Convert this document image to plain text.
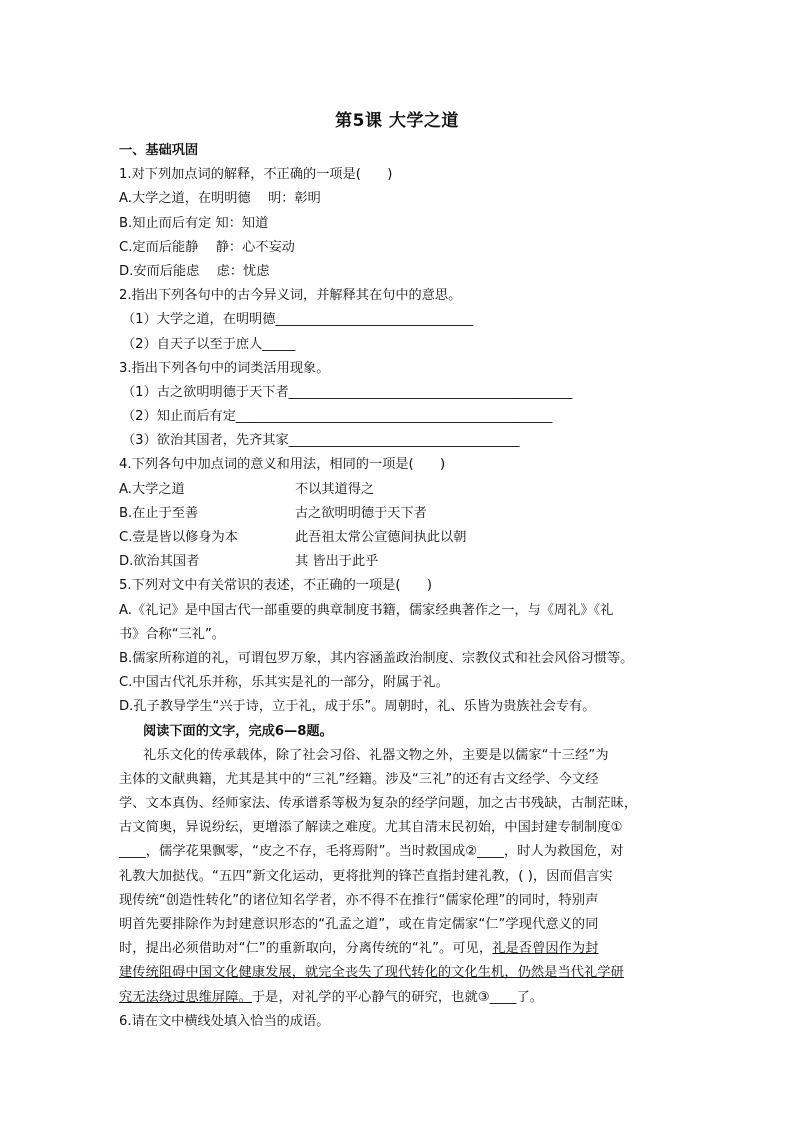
第5课 大学之道
一、基础巩固
1.对下列加点词的解释，不正确的一项是(　　)
A.大学之道，在明明德　 明：彰明
B.知止而后有定 知：知道
C.定而后能静　 静：心不妄动
D.安而后能虑　 虑：忧虑
2.指出下列各句中的古今异义词，并解释其在句中的意思。
（1）大学之道，在明明德______________________________
（2）自天子以至于庶人_____
3.指出下列各句中的词类活用现象。
（1）古之欲明明德于天下者___________________________________________
（2）知止而后有定________________________________________________
（3）欲治其国者，先齐其家___________________________________
4.下列各句中加点词的意义和用法，相同的一项是(　　)
A.大学之道	不以其道得之
B.在止于至善	古之欲明明德于天下者
C.壹是皆以修身为本	此吾祖太常公宣德间执此以朝
D.欲治其国者	其 皆出于此乎
5.下列对文中有关常识的表述，不正确的一项是(　　)
A.《礼记》是中国古代一部重要的典章制度书籍，儒家经典著作之一，与《周礼》《礼
书》合称“三礼”。
B.儒家所称道的礼，可谓包罗万象，其内容涵盖政治制度、宗教仪式和社会风俗习惯等。
C.中国古代礼乐并称，乐其实是礼的一部分，附属于礼。
D.孔子教导学生“兴于诗，立于礼，成于乐”。周朝时，礼、乐皆为贵族社会专有。
阅读下面的文字，完成6—8题。
礼乐文化的传承载体，除了社会习俗、礼器文物之外，主要是以儒家“十三经”为
主体的文献典籍，尤其是其中的“三礼”经籍。涉及“三礼”的还有古文经学、今文经
学、文本真伪、经师家法、传承谱系等极为复杂的经学问题，加之古书残缺，古制茫昧，
古文简奥，异说纷纭，更增添了解读之难度。尤其自清末民初始，中国封建专制制度①
____，儒学花果飘零，“皮之不存，毛将焉附”。当时救国成②____，时人为救国危，对
礼教大加挞伐。“五四”新文化运动，更将批判的锋芒直指封建礼教，( )，因而倡言实
现传统“创造性转化”的诸位知名学者，亦不得不在推行“儒家伦理”的同时，特别声
明首先要排除作为封建意识形态的“孔孟之道”，或在肯定儒家“仁”学现代意义的同
时，提出必须借助对“仁”的重新取向，分离传统的“礼”。可见，礼是否曾因作为封
建传统阻碍中国文化健康发展，就完全丧失了现代转化的文化生机，仍然是当代礼学研
究无法绕过思维屏障。于是，对礼学的平心静气的研究，也就③____了。
6.请在文中横线处填入恰当的成语。
